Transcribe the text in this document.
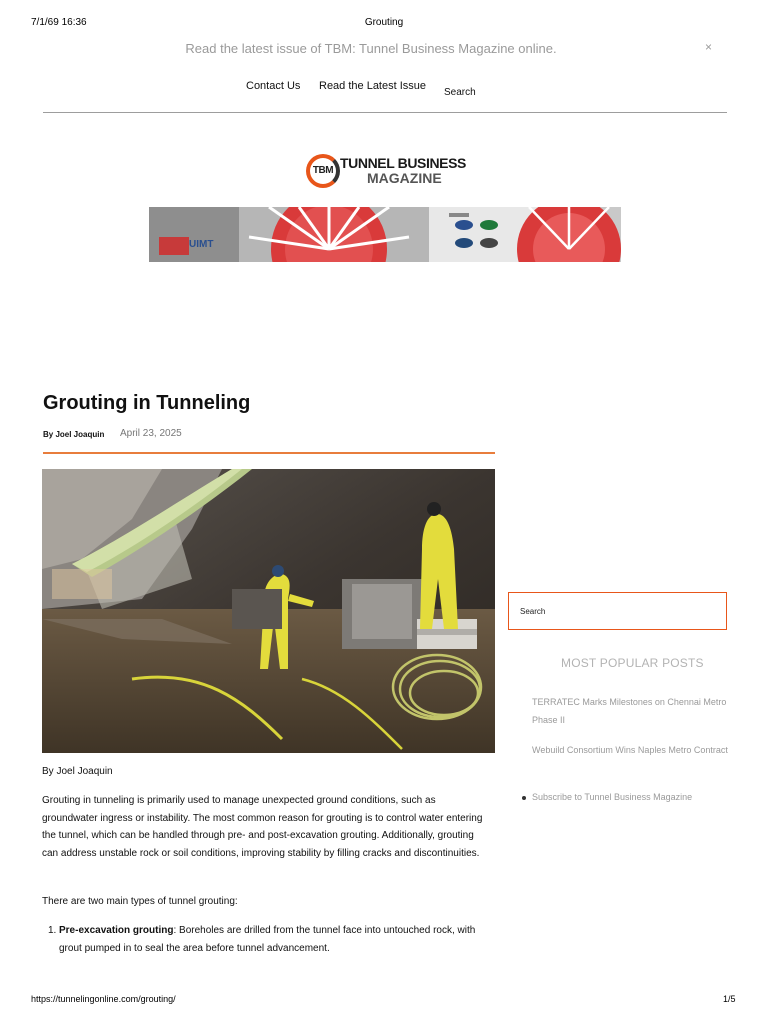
7/1/69 16:36	Grouting
Read the latest issue of TBM: Tunnel Business Magazine online.	×
Contact Us Read the Latest Issue
Search
TBM TUNNEL BUSINESS
MAGAZINE
UIMT
Grouting in Tunneling
By Joel Joaquin April 23, 2025

By Joel Joaquin

Grouting in tunneling is primarily used to manage unexpected ground conditions, such as groundwater ingress or instability. The most common reason for grouting is to control water entering the tunnel, which can be handled through pre- and post-excavation grouting. Additionally, grouting can address unstable rock or soil conditions, improving stability by filling cracks and discontinuities.

There are two main types of tunnel grouting:

1. Pre-excavation grouting: Boreholes are drilled from the tunnel face into untouched rock, with grout pumped in to seal the area before tunnel advancement.
Search
MOST POPULAR POSTS
TERRATEC Marks Milestones on Chennai Metro Phase II
Webuild Consortium Wins Naples Metro Contract
Subscribe to Tunnel Business Magazine
https://tunnelingonline.com/grouting/	1/5
